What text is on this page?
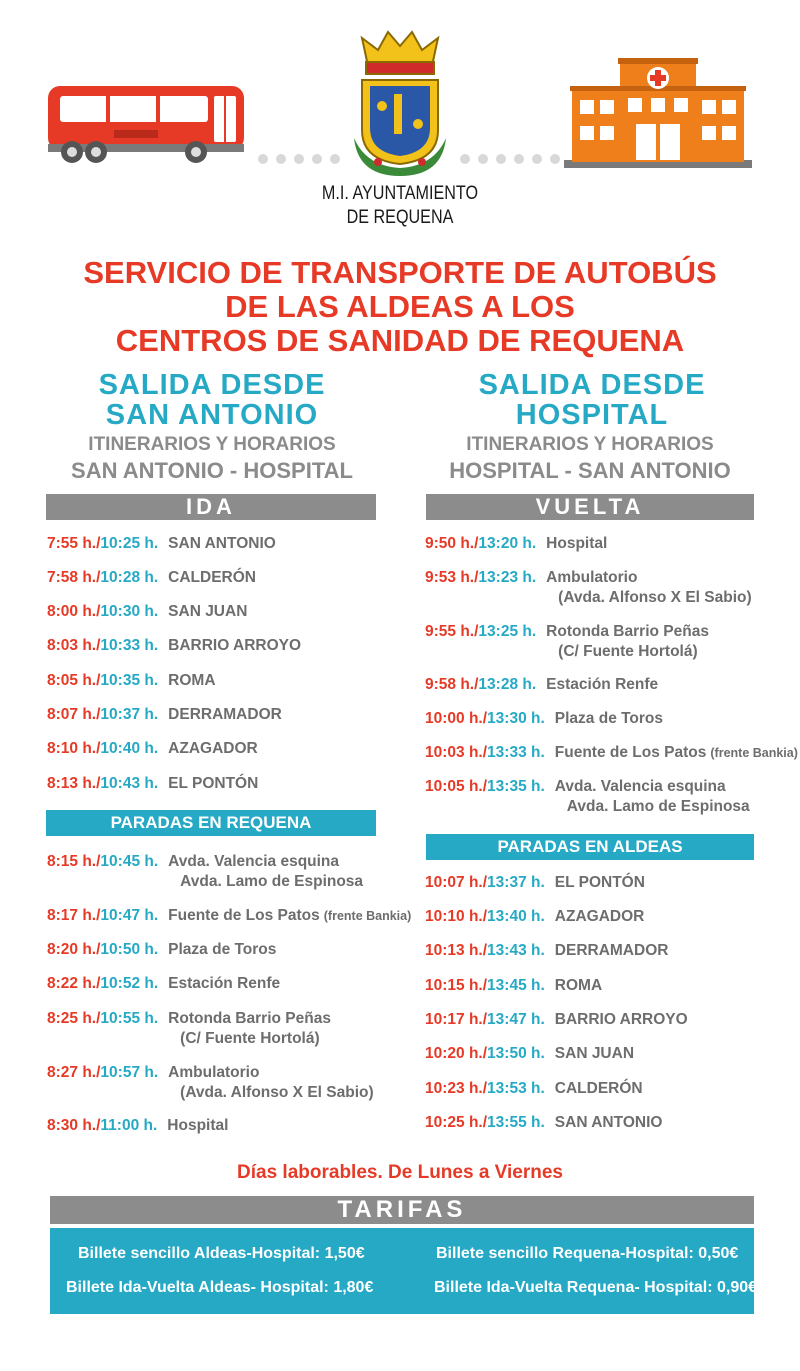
M.I. AYUNTAMIENTO
DE REQUENA
SERVICIO DE TRANSPORTE DE AUTOBÚS
DE LAS ALDEAS A LOS
CENTROS DE SANIDAD DE REQUENA
SALIDA DESDE
SAN ANTONIO
ITINERARIOS Y HORARIOS
SAN ANTONIO - HOSPITAL
IDA
7:55 h. / 10:25 h. SAN ANTONIO
7:58 h. / 10:28 h. CALDERÓN
8:00 h. / 10:30 h. SAN JUAN
8:03 h. / 10:33 h. BARRIO ARROYO
8:05 h. / 10:35 h. ROMA
8:07 h. / 10:37 h. DERRAMADOR
8:10 h. / 10:40 h. AZAGADOR
8:13 h. / 10:43 h. EL PONTÓN
8:15 h. / 10:45 h. Avda. Valencia esquina
Avda. Lamo de Espinosa
8:17 h. / 10:47 h. Fuente de Los Patos (frente Bankia)
8:20 h. / 10:50 h. Plaza de Toros
8:22 h. / 10:52 h. Estación Renfe
8:25 h. / 10:55 h. Rotonda Barrio Peñas
(C/ Fuente Hortolá)
8:27 h. / 10:57 h. Ambulatorio
(Avda. Alfonso X El Sabio)
8:30 h. / 11:00 h. Hospital
PARADAS EN REQUENA
SALIDA DESDE
HOSPITAL
ITINERARIOS Y HORARIOS
HOSPITAL - SAN ANTONIO
VUELTA
9:50 h. / 13:20 h. Hospital
9:53 h. / 13:23 h. Ambulatorio
(Avda. Alfonso X El Sabio)
9:55 h. / 13:25 h. Rotonda Barrio Peñas
(C/ Fuente Hortolá)
9:58 h. / 13:28 h. Estación Renfe
10:00 h. / 13:30 h. Plaza de Toros
10:03 h. / 13:33 h. Fuente de Los Patos (frente Bankia)
10:05 h. / 13:35 h. Avda. Valencia esquina
Avda. Lamo de Espinosa
10:07 h. / 13:37 h. EL PONTÓN
10:10 h. / 13:40 h. AZAGADOR
10:13 h. / 13:43 h. DERRAMADOR
10:15 h. / 13:45 h. ROMA
10:17 h. / 13:47 h. BARRIO ARROYO
10:20 h. / 13:50 h. SAN JUAN
10:23 h. / 13:53 h. CALDERÓN
10:25 h. / 13:55 h. SAN ANTONIO
PARADAS EN ALDEAS
Días laborables. De Lunes a Viernes
TARIFAS
Billete sencillo Aldeas-Hospital: 1,50€	Billete sencillo Requena-Hospital: 0,50€
Billete Ida-Vuelta Aldeas- Hospital: 1,80€	Billete Ida-Vuelta Requena- Hospital: 0,90€
